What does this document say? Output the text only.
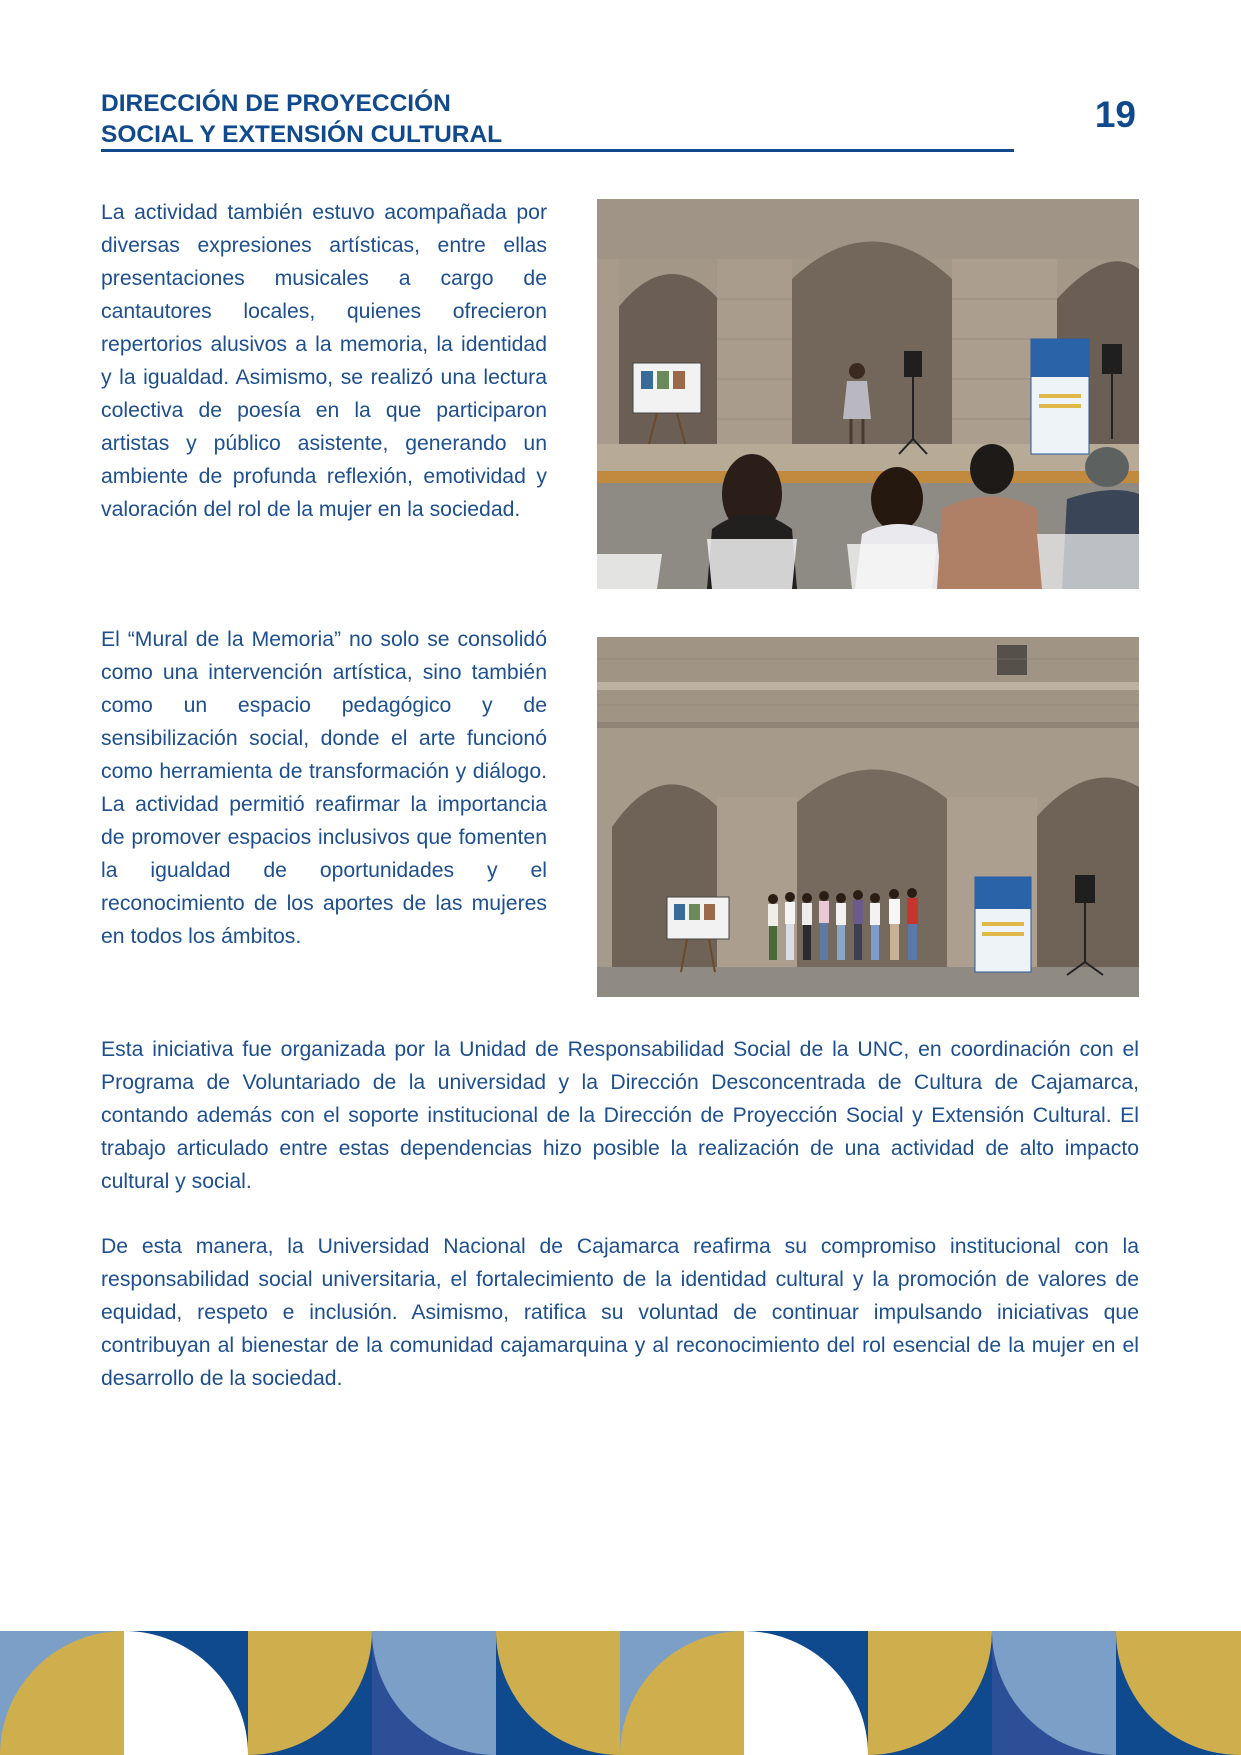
DIRECCIÓN DE PROYECCIÓN
SOCIAL Y EXTENSIÓN CULTURAL	19

La actividad también estuvo acompañada por diversas expresiones artísticas, entre ellas presentaciones musicales a cargo de cantautores locales, quienes ofrecieron repertorios alusivos a la memoria, la identidad y la igualdad. Asimismo, se realizó una lectura colectiva de poesía en la que participaron artistas y público asistente, generando un ambiente de profunda reflexión, emotividad y valoración del rol de la mujer en la sociedad.

El “Mural de la Memoria” no solo se consolidó como una intervención artística, sino también como un espacio pedagógico y de sensibilización social, donde el arte funcionó como herramienta de transformación y diálogo. La actividad permitió reafirmar la importancia de promover espacios inclusivos que fomenten la igualdad de oportunidades y el reconocimiento de los aportes de las mujeres en todos los ámbitos.

Esta iniciativa fue organizada por la Unidad de Responsabilidad Social de la UNC, en coordinación con el Programa de Voluntariado de la universidad y la Dirección Desconcentrada de Cultura de Cajamarca, contando además con el soporte institucional de la Dirección de Proyección Social y Extensión Cultural. El trabajo articulado entre estas dependencias hizo posible la realización de una actividad de alto impacto cultural y social.

De esta manera, la Universidad Nacional de Cajamarca reafirma su compromiso institucional con la responsabilidad social universitaria, el fortalecimiento de la identidad cultural y la promoción de valores de equidad, respeto e inclusión. Asimismo, ratifica su voluntad de continuar impulsando iniciativas que contribuyan al bienestar de la comunidad cajamarquina y al reconocimiento del rol esencial de la mujer en el desarrollo de la sociedad.
